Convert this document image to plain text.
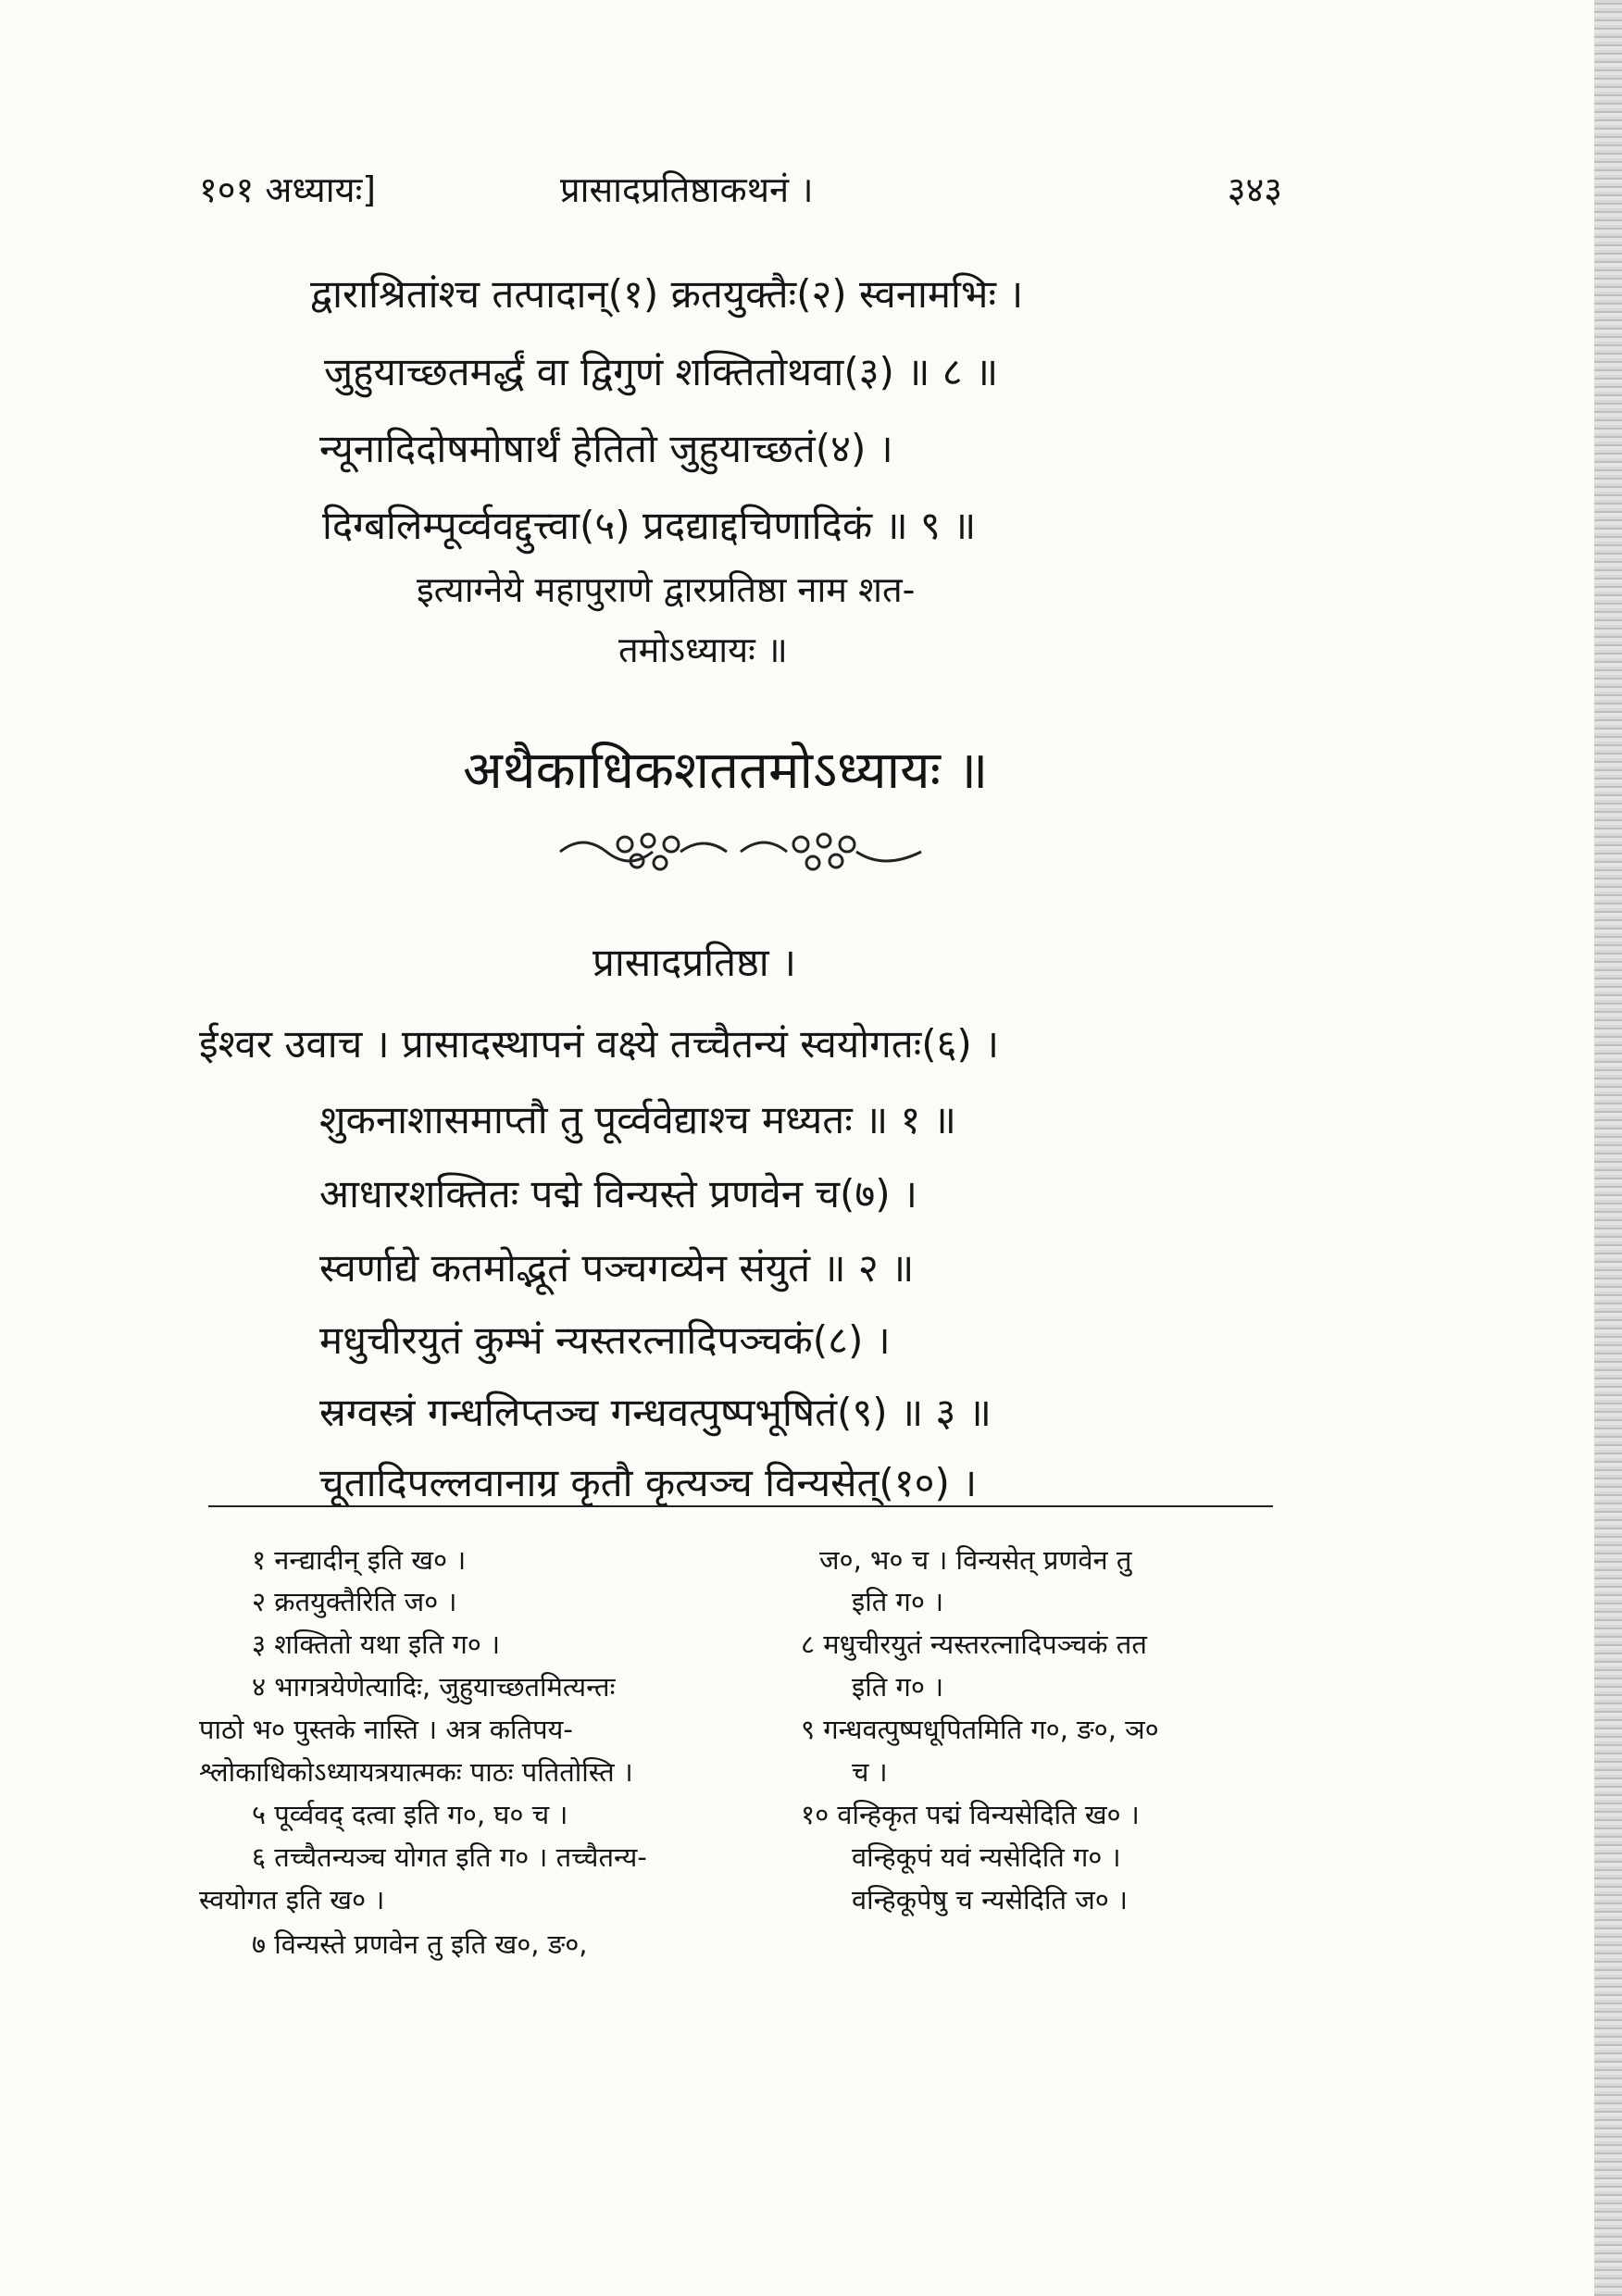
१०१ अध्यायः]	प्रासादप्रतिष्ठाकथनं ।	३४३
द्वाराश्रितांश्च तत्पादान्(१) क्रतयुक्तैः(२) स्वनामभिः ।
जुहुयाच्छतमर्द्धं वा द्विगुणं शक्तितोथवा(३) ॥ ८ ॥
न्यूनादिदोषमोषार्थं हेतितो जुहुयाच्छतं(४) ।
दिग्बलिम्पूर्व्ववद्दुत्त्वा(५) प्रदद्याद्दचिणादिकं ॥ ९ ॥
इत्याग्नेये महापुराणे द्वारप्रतिष्ठा नाम शत-
तमोऽध्यायः ॥
अथैकाधिकशततमोऽध्यायः ॥
प्रासादप्रतिष्ठा ।
ईश्वर उवाच । प्रासादस्थापनं वक्ष्ये तच्चैतन्यं स्वयोगतः(६) ।
शुकनाशासमाप्तौ तु पूर्व्ववेद्याश्च मध्यतः ॥ १ ॥
आधारशक्तितः पद्मे विन्यस्ते प्रणवेन च(७) ।
स्वर्णाद्ये कतमोद्भूतं पञ्चगव्येन संयुतं ॥ २ ॥
मधुचीरयुतं कुम्भं न्यस्तरत्नादिपञ्चकं(८) ।
स्रग्वस्त्रं गन्धलिप्तञ्च गन्धवत्पुष्पभूषितं(९) ॥ ३ ॥
चूतादिपल्लवानाग्र कृतौ कृत्यञ्च विन्यसेत्(१०) ।
१ नन्द्यादीन् इति ख० ।
२ क्रतयुक्तैरिति ज० ।
३ शक्तितो यथा इति ग० ।
४ भागत्रयेणेत्यादिः, जुहुयाच्छतमित्यन्तः
पाठो भ० पुस्तके नास्ति । अत्र कतिपय-
श्लोकाधिकोऽध्यायत्रयात्मकः पाठः पतितोस्ति ।
५ पूर्व्ववद् दत्वा इति ग०, घ० च ।
६ तच्चैतन्यञ्च योगत इति ग० । तच्चैतन्य-
स्वयोगत इति ख० ।
७ विन्यस्ते प्रणवेन तु इति ख०, ङ०,
ज०, भ० च । विन्यसेत् प्रणवेन तु
इति ग० ।
८ मधुचीरयुतं न्यस्तरत्नादिपञ्चकं तत
इति ग० ।
९ गन्धवत्पुष्पधूपितमिति ग०, ङ०, ञ०
च ।
१० वन्हिकृत पद्मं विन्यसेदिति ख० ।
वन्हिकूपं यवं न्यसेदिति ग० ।
वन्हिकूपेषु च न्यसेदिति ज० ।
